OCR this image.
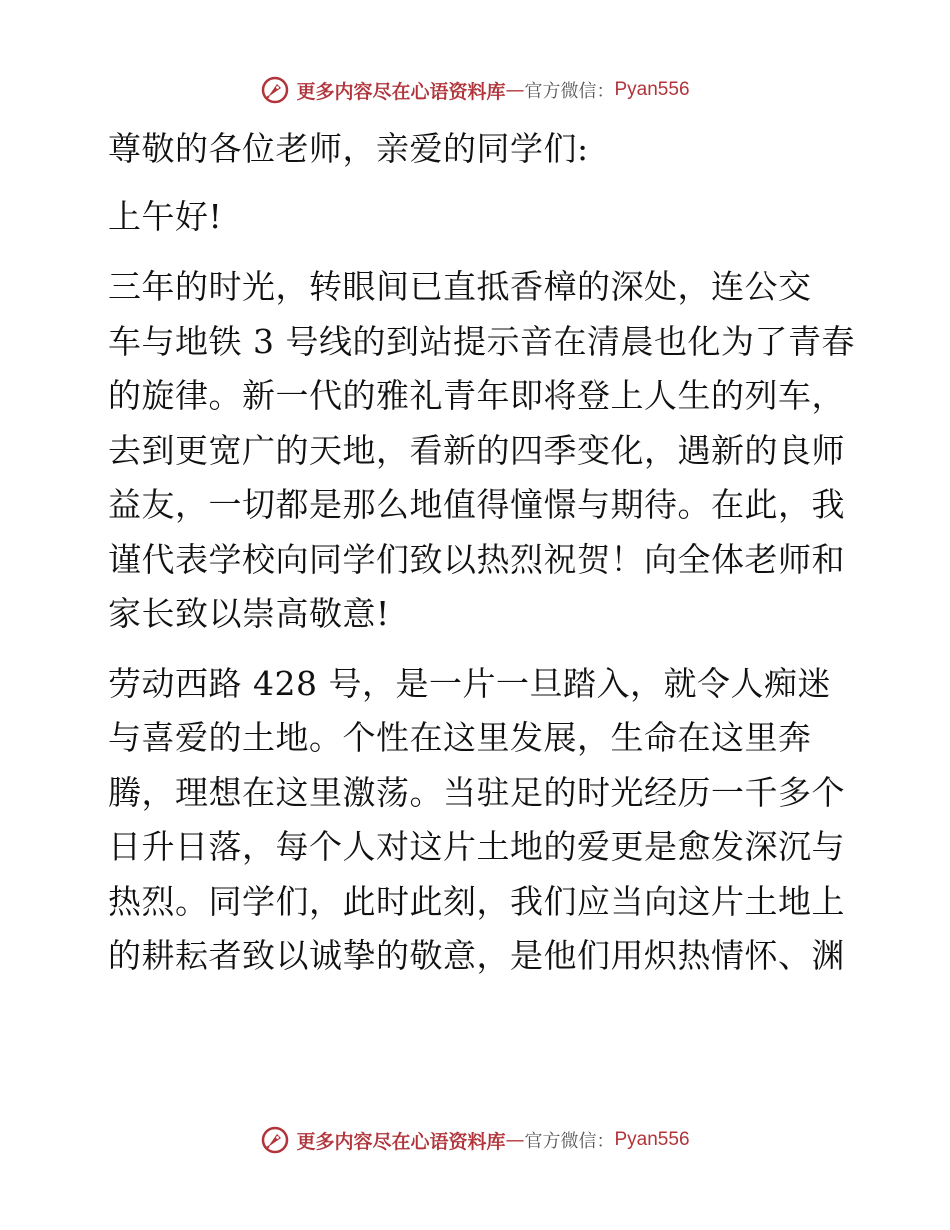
更多内容尽在心语资料库 — 官方微信： Pyan556

尊敬的各位老师，亲爱的同学们:

上午好!

三年的时光，转眼间已直抵香樟的深处，连公交
车与地铁 3 号线的到站提示音在清晨也化为了青春
的旋律。新一代的雅礼青年即将登上人生的列车，
去到更宽广的天地，看新的四季变化，遇新的良师
益友，一切都是那么地值得憧憬与期待。在此，我
谨代表学校向同学们致以热烈祝贺！向全体老师和
家长致以崇高敬意!

劳动西路 428 号，是一片一旦踏入，就令人痴迷
与喜爱的土地。个性在这里发展，生命在这里奔
腾，理想在这里激荡。当驻足的时光经历一千多个
日升日落，每个人对这片土地的爱更是愈发深沉与
热烈。同学们，此时此刻，我们应当向这片土地上
的耕耘者致以诚挚的敬意，是他们用炽热情怀、渊

更多内容尽在心语资料库 — 官方微信： Pyan556
